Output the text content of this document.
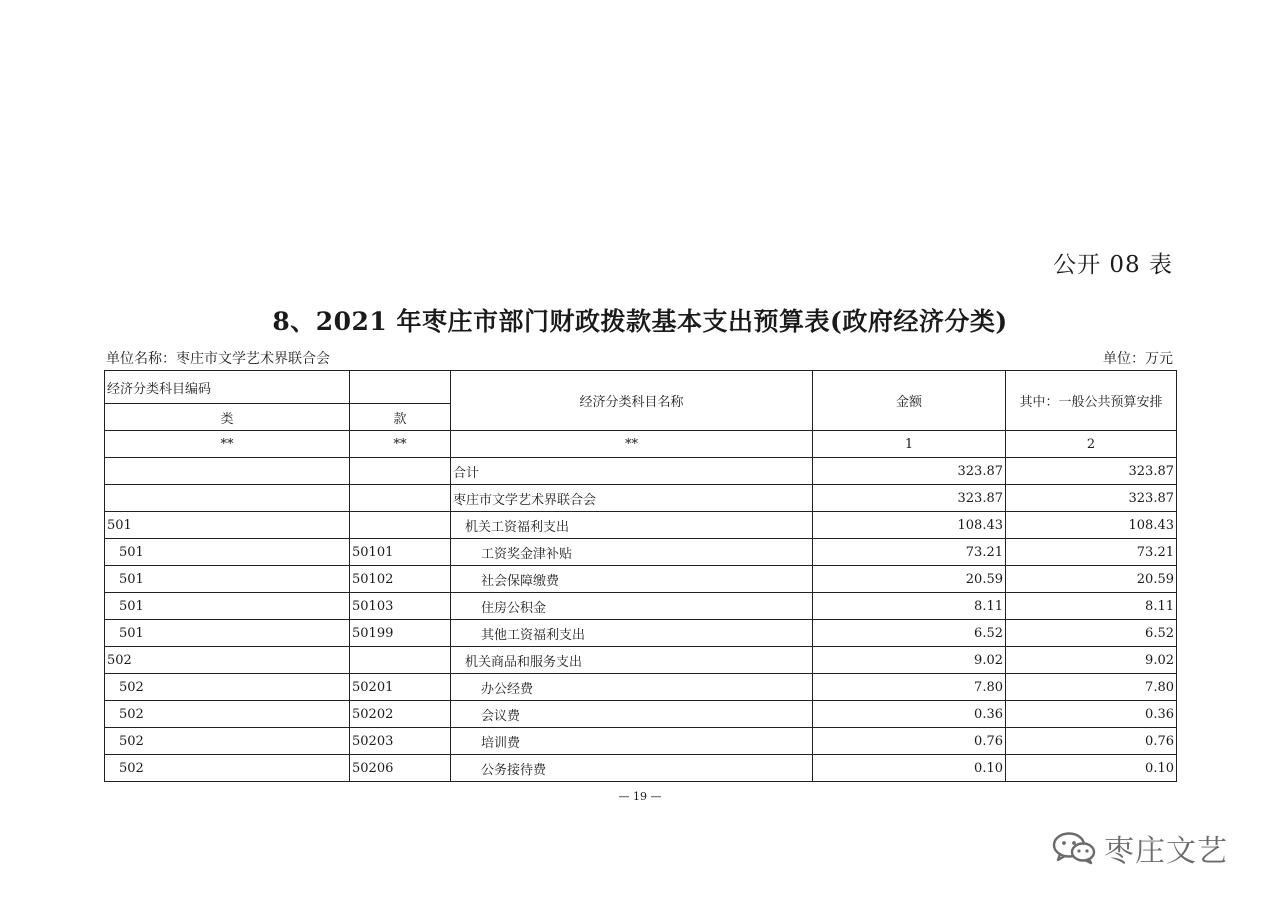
公开 08 表
8、2021 年枣庄市部门财政拨款基本支出预算表(政府经济分类)
单位名称：枣庄市文学艺术界联合会	单位：万元
经济分类科目编码		经济分类科目名称	金额	其中：一般公共预算安排
类	款			
**	**	**	1	2
		合计	323.87	323.87
		枣庄市文学艺术界联合会	323.87	323.87
501		机关工资福利支出	108.43	108.43
501	50101	工资奖金津补贴	73.21	73.21
501	50102	社会保障缴费	20.59	20.59
501	50103	住房公积金	8.11	8.11
501	50199	其他工资福利支出	6.52	6.52
502		机关商品和服务支出	9.02	9.02
502	50201	办公经费	7.80	7.80
502	50202	会议费	0.36	0.36
502	50203	培训费	0.76	0.76
502	50206	公务接待费	0.10	0.10
— 19 —
枣庄文艺
